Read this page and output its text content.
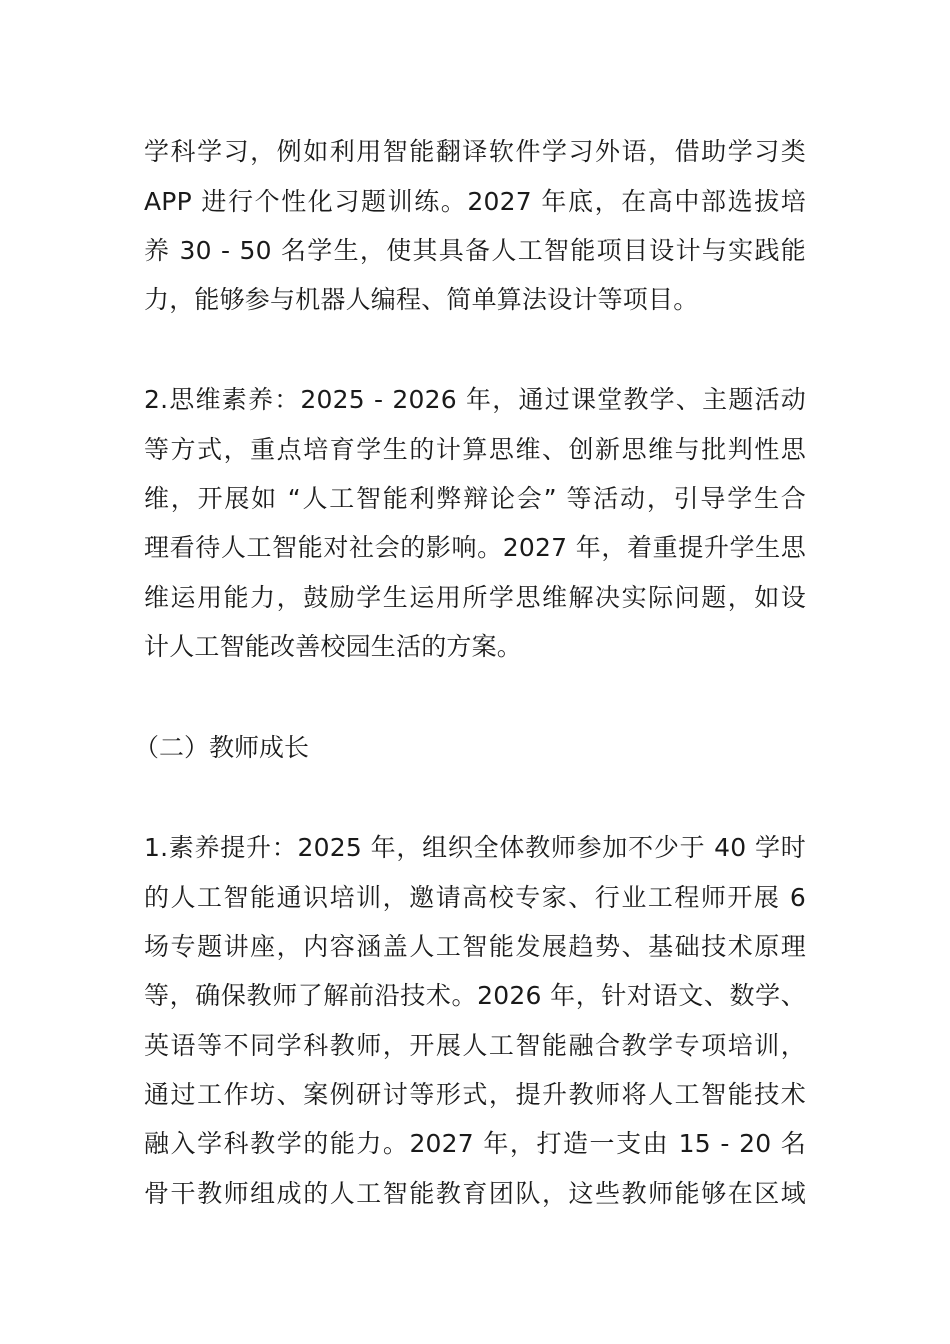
学科学习，例如利用智能翻译软件学习外语，借助学习类
APP 进行个性化习题训练。2027 年底，在高中部选拔培
养 30 - 50 名学生，使其具备人工智能项目设计与实践能
力，能够参与机器人编程、简单算法设计等项目。
2.思维素养：2025 - 2026 年，通过课堂教学、主题活动
等方式，重点培育学生的计算思维、创新思维与批判性思
维，开展如 “人工智能利弊辩论会” 等活动，引导学生合
理看待人工智能对社会的影响。2027 年，着重提升学生思
维运用能力，鼓励学生运用所学思维解决实际问题，如设
计人工智能改善校园生活的方案。
（二）教师成长
1.素养提升：2025 年，组织全体教师参加不少于 40 学时
的人工智能通识培训，邀请高校专家、行业工程师开展 6
场专题讲座，内容涵盖人工智能发展趋势、基础技术原理
等，确保教师了解前沿技术。2026 年，针对语文、数学、
英语等不同学科教师，开展人工智能融合教学专项培训，
通过工作坊、案例研讨等形式，提升教师将人工智能技术
融入学科教学的能力。2027 年，打造一支由 15 - 20 名
骨干教师组成的人工智能教育团队，这些教师能够在区域
